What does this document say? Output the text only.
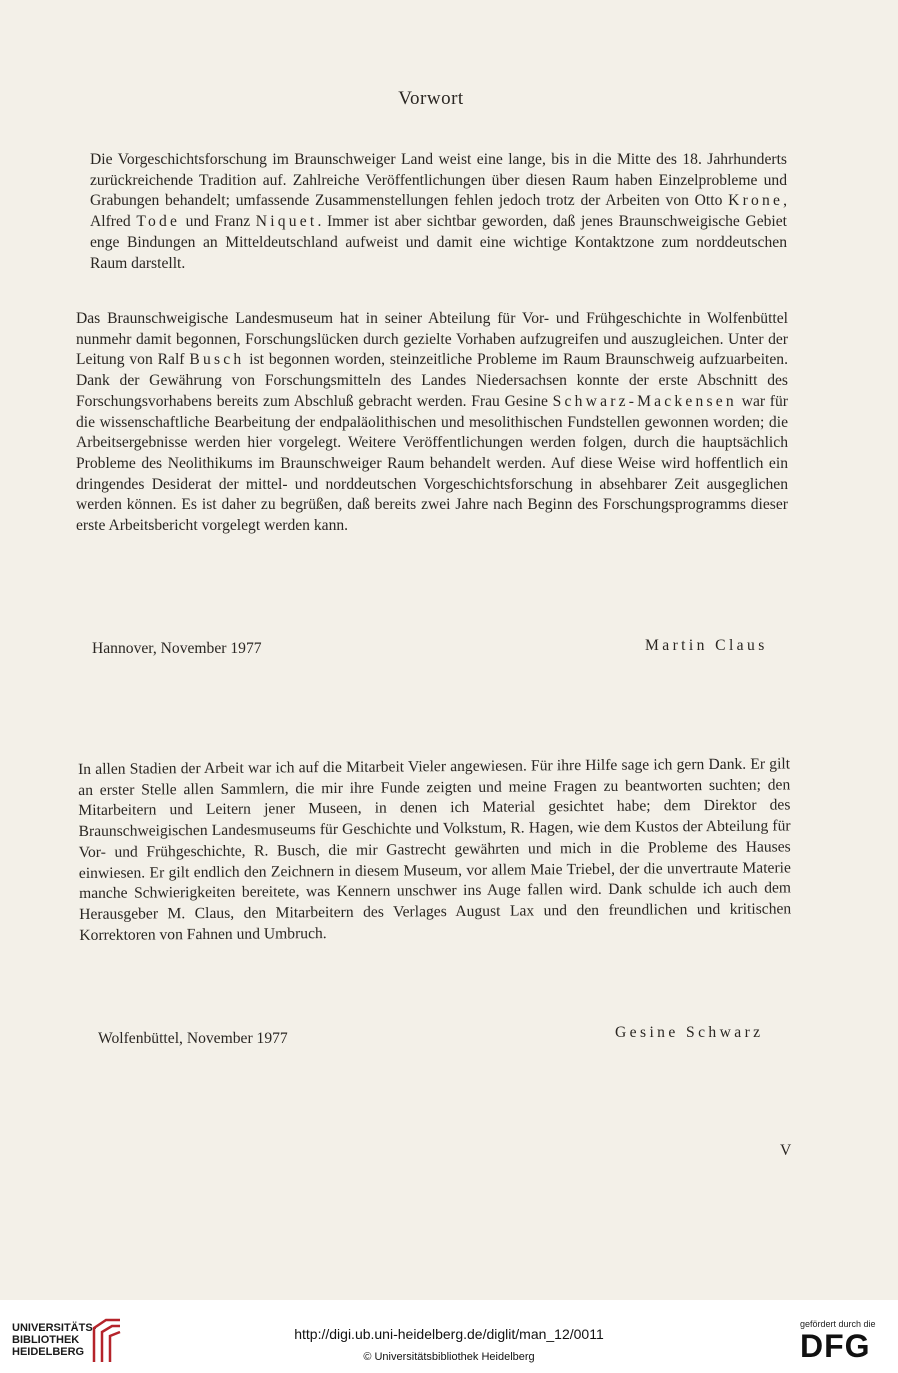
Vorwort

Die Vorgeschichtsforschung im Braunschweiger Land weist eine lange, bis in die Mitte des 18. Jahrhunderts zurückreichende Tradition auf. Zahlreiche Veröffentlichungen über diesen Raum haben Einzelprobleme und Grabungen behandelt; umfassende Zusammenstellungen fehlen jedoch trotz der Arbeiten von Otto Krone, Alfred Tode und Franz Niquet. Immer ist aber sichtbar geworden, daß jenes Braunschweigische Gebiet enge Bindungen an Mitteldeutschland aufweist und damit eine wichtige Kontaktzone zum norddeutschen Raum darstellt.

Das Braunschweigische Landesmuseum hat in seiner Abteilung für Vor- und Frühgeschichte in Wolfenbüttel nunmehr damit begonnen, Forschungslücken durch gezielte Vorhaben aufzugreifen und auszugleichen. Unter der Leitung von Ralf Busch ist begonnen worden, steinzeitliche Probleme im Raum Braunschweig aufzuarbeiten. Dank der Gewährung von Forschungsmitteln des Landes Niedersachsen konnte der erste Abschnitt des Forschungsvorhabens bereits zum Abschluß gebracht werden. Frau Gesine Schwarz-Mackensen war für die wissenschaftliche Bearbeitung der endpaläolithischen und mesolithischen Fundstellen gewonnen worden; die Arbeitsergebnisse werden hier vorgelegt. Weitere Veröffentlichungen werden folgen, durch die hauptsächlich Probleme des Neolithikums im Braunschweiger Raum behandelt werden. Auf diese Weise wird hoffentlich ein dringendes Desiderat der mittel- und norddeutschen Vorgeschichtsforschung in absehbarer Zeit ausgeglichen werden können. Es ist daher zu begrüßen, daß bereits zwei Jahre nach Beginn des Forschungsprogramms dieser erste Arbeitsbericht vorgelegt werden kann.

Hannover, November 1977	Martin Claus

In allen Stadien der Arbeit war ich auf die Mitarbeit Vieler angewiesen. Für ihre Hilfe sage ich gern Dank. Er gilt an erster Stelle allen Sammlern, die mir ihre Funde zeigten und meine Fragen zu beantworten suchten; den Mitarbeitern und Leitern jener Museen, in denen ich Material gesichtet habe; dem Direktor des Braunschweigischen Landesmuseums für Geschichte und Volkstum, R. Hagen, wie dem Kustos der Abteilung für Vor- und Frühgeschichte, R. Busch, die mir Gastrecht gewährten und mich in die Probleme des Hauses einwiesen. Er gilt endlich den Zeichnern in diesem Museum, vor allem Maie Triebel, der die unvertraute Materie manche Schwierigkeiten bereitete, was Kennern unschwer ins Auge fallen wird. Dank schulde ich auch dem Herausgeber M. Claus, den Mitarbeitern des Verlages August Lax und den freundlichen und kritischen Korrektoren von Fahnen und Umbruch.

Wolfenbüttel, November 1977	Gesine Schwarz
V
UNIVERSITÄTS-
BIBLIOTHEK
HEIDELBERG
http://digi.ub.uni-heidelberg.de/diglit/man_12/0011
© Universitätsbibliothek Heidelberg
gefördert durch die
DFG
